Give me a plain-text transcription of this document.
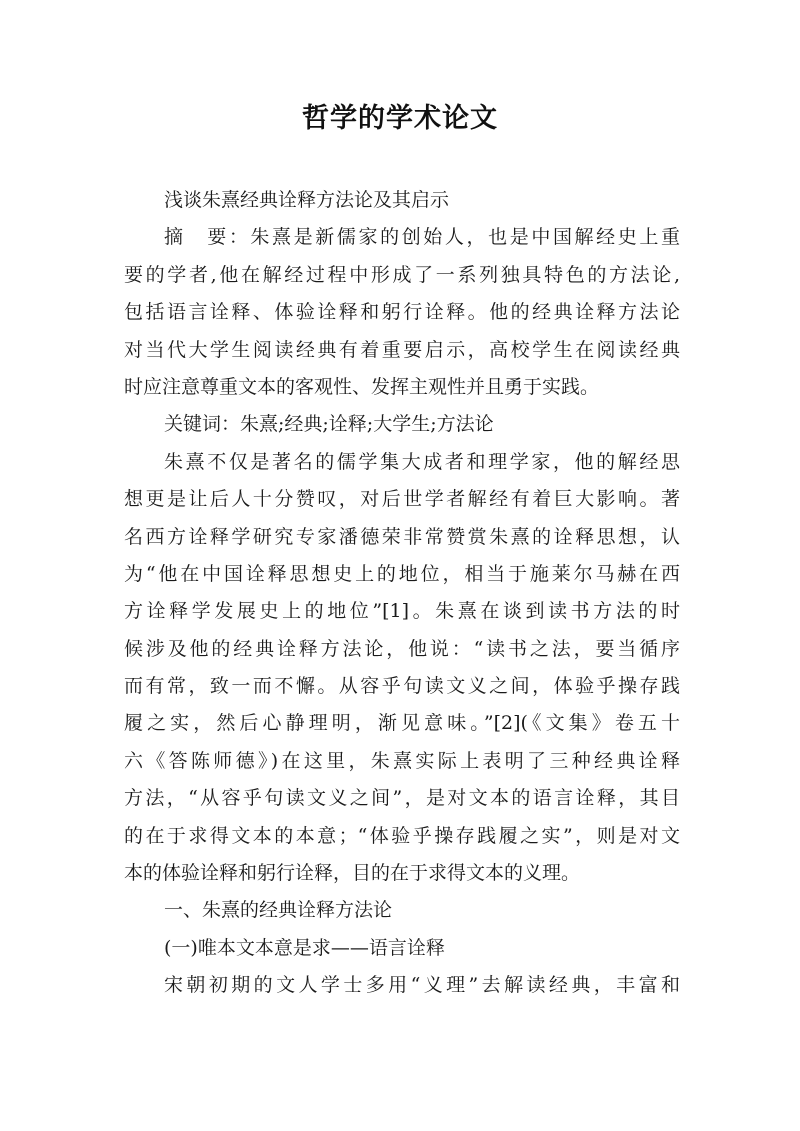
哲学的学术论文
浅谈朱熹经典诠释方法论及其启示
摘　要：朱熹是新儒家的创始人，也是中国解经史上重
要的学者,他在解经过程中形成了一系列独具特色的方法论,
包括语言诠释、体验诠释和躬行诠释。他的经典诠释方法论
对当代大学生阅读经典有着重要启示，高校学生在阅读经典
时应注意尊重文本的客观性、发挥主观性并且勇于实践。
关键词：朱熹;经典;诠释;大学生;方法论
朱熹不仅是著名的儒学集大成者和理学家，他的解经思
想更是让后人十分赞叹，对后世学者解经有着巨大影响。著
名西方诠释学研究专家潘德荣非常赞赏朱熹的诠释思想，认
为“他在中国诠释思想史上的地位，相当于施莱尔马赫在西
方诠释学发展史上的地位”[1]。朱熹在谈到读书方法的时
候涉及他的经典诠释方法论，他说：“读书之法，要当循序
而有常，致一而不懈。从容乎句读文义之间，体验乎操存践
履之实，然后心静理明，渐见意味。”[2](《文集》卷五十
六《答陈师德》)在这里，朱熹实际上表明了三种经典诠释
方法，“从容乎句读文义之间”，是对文本的语言诠释，其目
的在于求得文本的本意；“体验乎操存践履之实”，则是对文
本的体验诠释和躬行诠释，目的在于求得文本的义理。
一、朱熹的经典诠释方法论
(一)唯本文本意是求——语言诠释
宋朝初期的文人学士多用“义理”去解读经典，丰富和
